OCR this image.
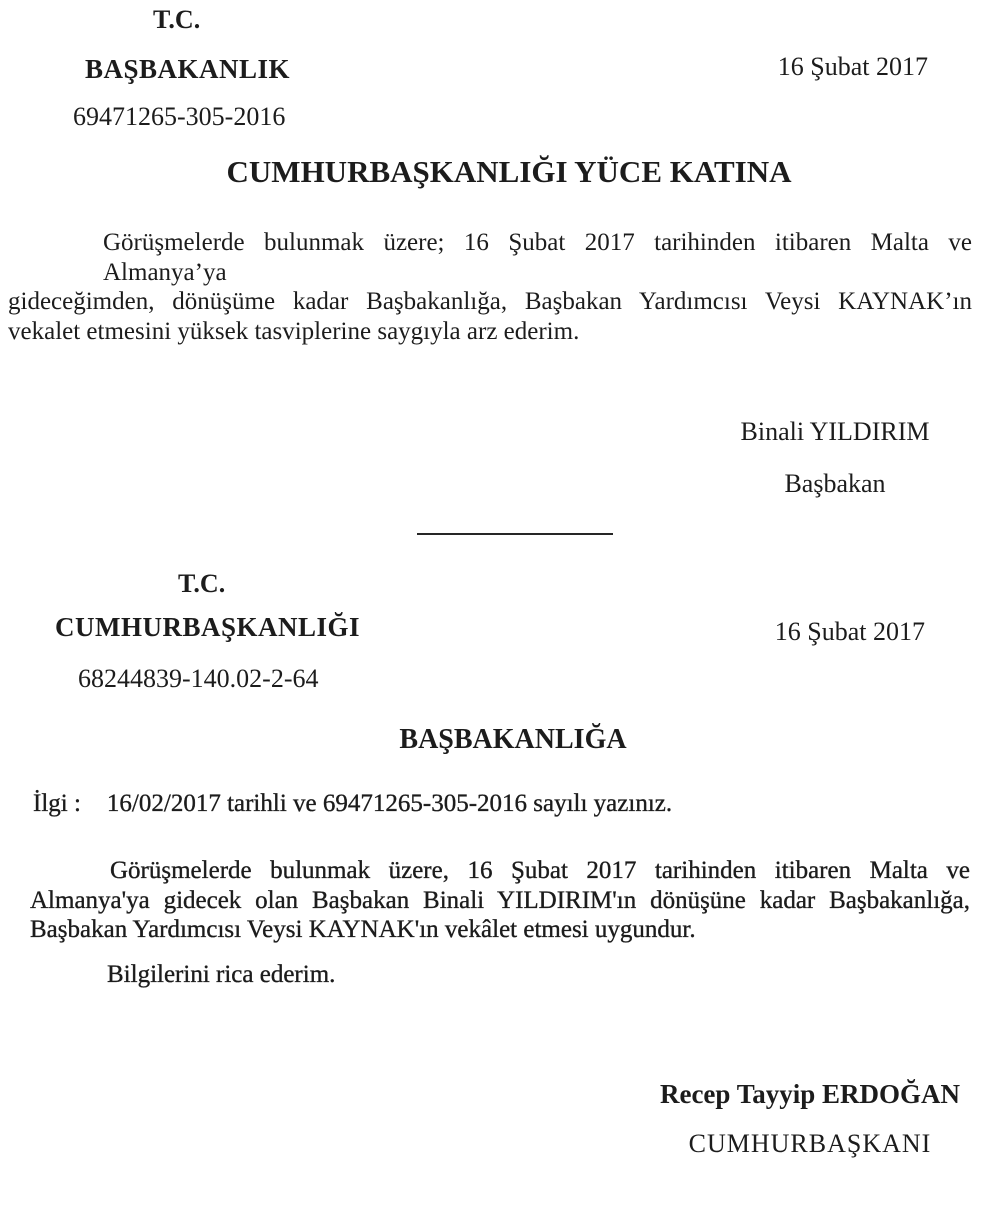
T.C.
BAŞBAKANLIK	16 Şubat 2017
69471265-305-2016
CUMHURBAŞKANLIĞI YÜCE KATINA
Görüşmelerde bulunmak üzere; 16 Şubat 2017 tarihinden itibaren Malta ve Almanya’ya
gideceğimden, dönüşüme kadar Başbakanlığa, Başbakan Yardımcısı Veysi KAYNAK’ın
vekalet etmesini yüksek tasviplerine saygıyla arz ederim.
Binali YILDIRIM
Başbakan
T.C.
CUMHURBAŞKANLIĞI	16 Şubat 2017
68244839-140.02-2-64
BAŞBAKANLIĞA
İlgi : 16/02/2017 tarihli ve 69471265-305-2016 sayılı yazınız.
Görüşmelerde bulunmak üzere, 16 Şubat 2017 tarihinden itibaren Malta ve
Almanya'ya gidecek olan Başbakan Binali YILDIRIM'ın dönüşüne kadar Başbakanlığa,
Başbakan Yardımcısı Veysi KAYNAK'ın vekâlet etmesi uygundur.
Bilgilerini rica ederim.
Recep Tayyip ERDOĞAN
CUMHURBAŞKANI
